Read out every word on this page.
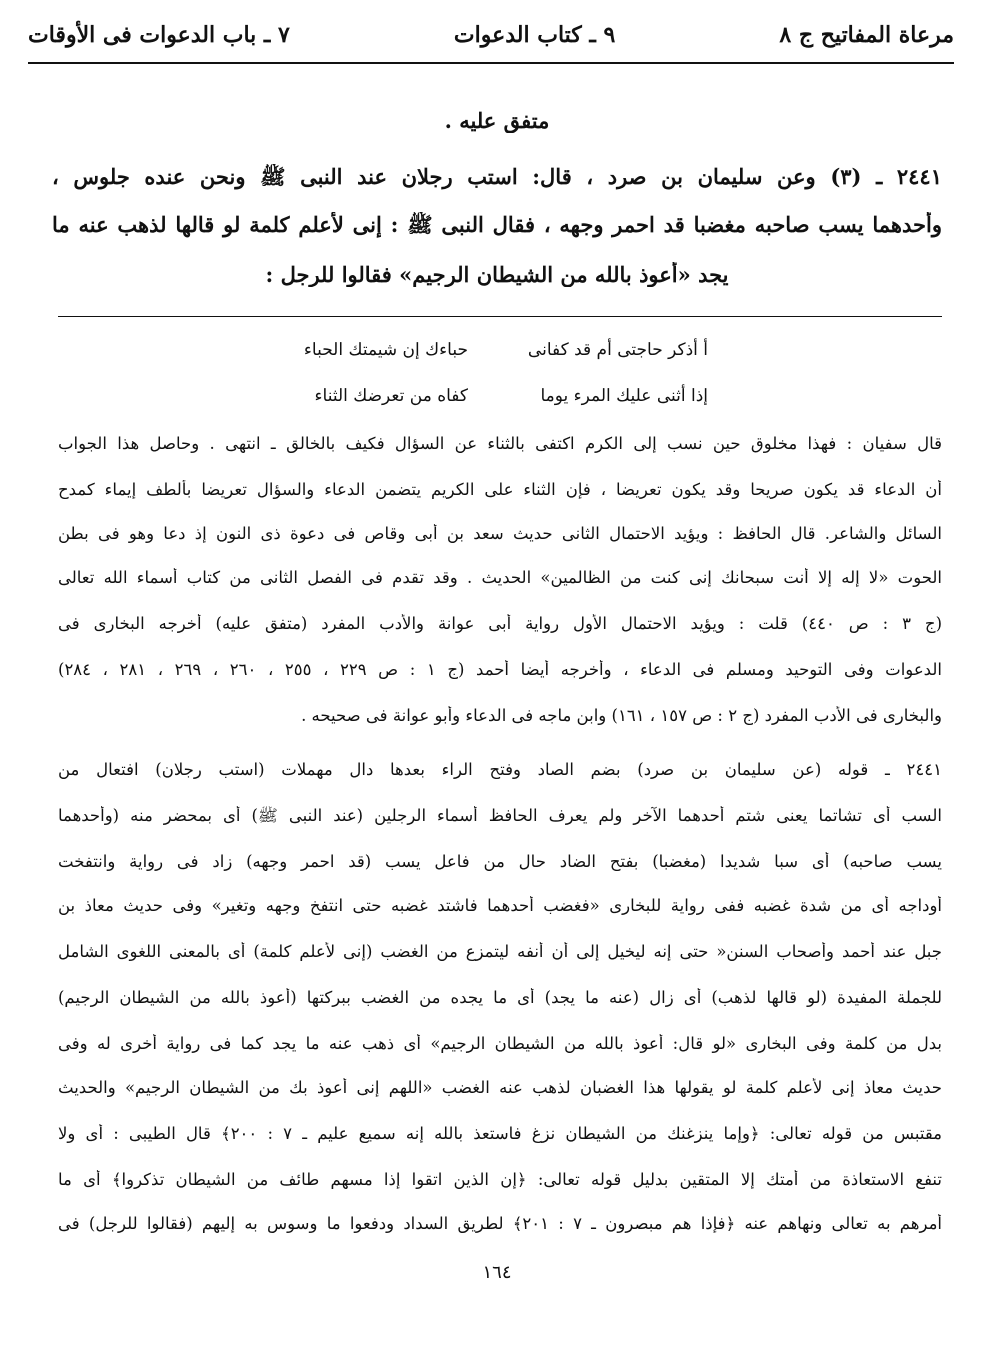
مرعاة المفاتيح ج ٨
٩ ـ كتاب الدعوات
٧ ـ باب الدعوات فى الأوقات
متفق عليه .
٢٤٤١ ـ (٣) وعن سليمان بن صرد ، قال: استب رجلان عند النبى ﷺ ونحن عنده جلوس ،
وأحدهما يسب صاحبه مغضبا قد احمر وجهه ، فقال النبى ﷺ : إنى لأعلم كلمة لو قالها لذهب عنه ما
يجد «أعوذ بالله من الشيطان الرجيم» فقالوا للرجل :
أ أذكر حاجتى أم قد كفانى
حباءك إن شيمتك الحباء
إذا أثنى عليك المرء يوما
كفاه من تعرضك الثناء
قال سفيان : فهذا مخلوق حين نسب إلى الكرم اكتفى بالثناء عن السؤال فكيف بالخالق ـ انتهى . وحاصل هذا الجواب
أن الدعاء قد يكون صريحا وقد يكون تعريضا ، فإن الثناء على الكريم يتضمن الدعاء والسؤال تعريضا بألطف إيماء كمدح
السائل والشاعر. قال الحافظ : ويؤيد الاحتمال الثانى حديث سعد بن أبى وقاص فى دعوة ذى النون إذ دعا وهو فى بطن
الحوت «لا إله إلا أنت سبحانك إنى كنت من الظالمين» الحديث . وقد تقدم فى الفصل الثانى من كتاب أسماء الله تعالى
(ج ٣ : ص ٤٤٠) قلت : ويؤيد الاحتمال الأول رواية أبى عوانة والأدب المفرد (متفق عليه) أخرجه البخارى فى
الدعوات وفى التوحيد ومسلم فى الدعاء ، وأخرجه أيضا أحمد (ج ١ : ص ٢٢٩ ، ٢٥٥ ، ٢٦٠ ، ٢٦٩ ، ٢٨١ ، ٢٨٤)
والبخارى فى الأدب المفرد (ج ٢ : ص ١٥٧ ، ١٦١) وابن ماجه فى الدعاء وأبو عوانة فى صحيحه .
٢٤٤١ ـ قوله (عن سليمان بن صرد) بضم الصاد وفتح الراء بعدها دال مهملات (استب رجلان) افتعال من
السب أى تشاتما يعنى شتم أحدهما الآخر ولم يعرف الحافظ أسماء الرجلين (عند النبى ﷺ) أى بمحضر منه (وأحدهما
يسب صاحبه) أى سبا شديدا (مغضبا) بفتح الضاد حال من فاعل يسب (قد احمر وجهه) زاد فى رواية وانتفخت
أوداجه أى من شدة غضبه ففى رواية للبخارى «فغضب أحدهما فاشتد غضبه حتى انتفخ وجهه وتغير» وفى حديث معاذ بن
جبل عند أحمد وأصحاب السنن« حتى إنه ليخيل إلى أن أنفه ليتمزع من الغضب (إنى لأعلم كلمة) أى بالمعنى اللغوى الشامل
للجملة المفيدة (لو قالها لذهب) أى زال (عنه ما يجد) أى ما يجده من الغضب ببركتها (أعوذ بالله من الشيطان الرجيم)
بدل من كلمة وفى البخارى «لو قال: أعوذ بالله من الشيطان الرجيم» أى ذهب عنه ما يجد كما فى رواية أخرى له وفى
حديث معاذ إنى لأعلم كلمة لو يقولها هذا الغضبان لذهب عنه الغضب «اللهم إنى أعوذ بك من الشيطان الرجيم» والحديث
مقتبس من قوله تعالى: ﴿وإما ينزغنك من الشيطان نزغ فاستعذ بالله إنه سميع عليم ـ ٧ : ٢٠٠﴾ قال الطيبى : أى ولا
تنفع الاستعاذة من أمتك إلا المتقين بدليل قوله تعالى: ﴿إن الذين اتقوا إذا مسهم طائف من الشيطان تذكروا﴾ أى ما
أمرهم به تعالى ونهاهم عنه ﴿فإذا هم مبصرون ـ ٧ : ٢٠١﴾ لطريق السداد ودفعوا ما وسوس به إليهم (فقالوا للرجل) فى
١٦٤
